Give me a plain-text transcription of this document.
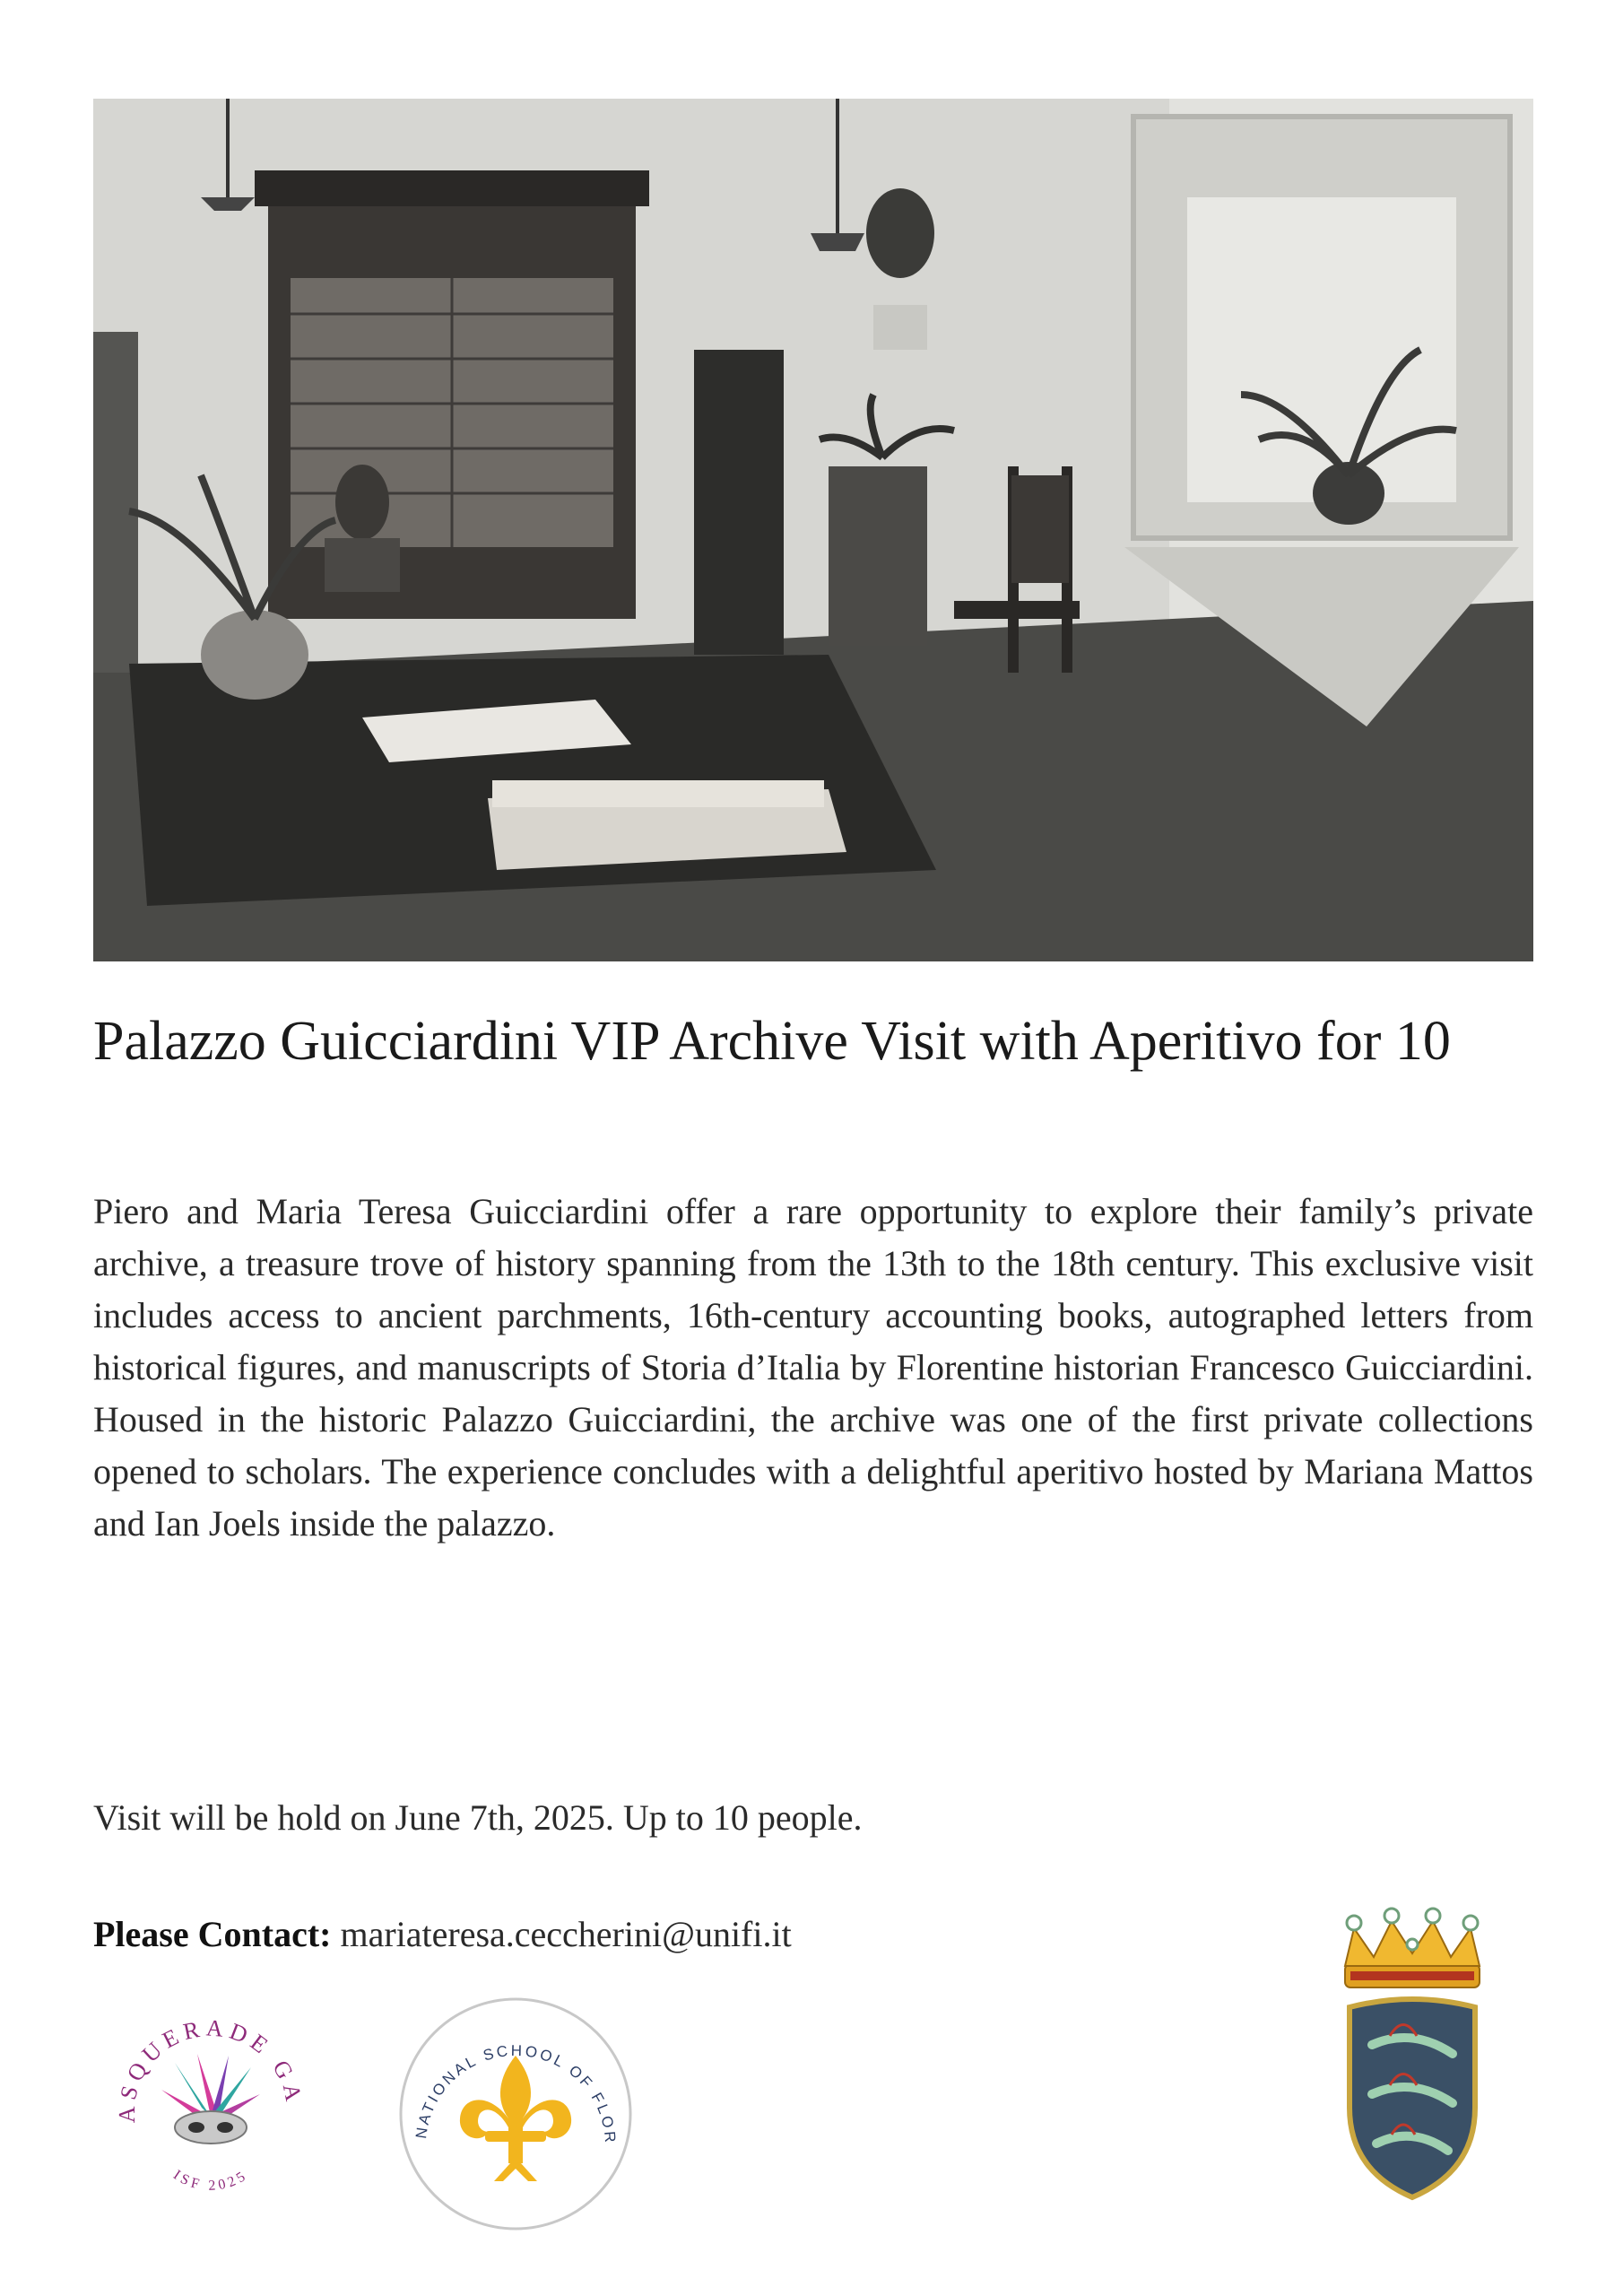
Palazzo Guicciardini VIP Archive Visit with Aperitivo for 10

Piero and Maria Teresa Guicciardini offer a rare opportunity to explore their family’s private archive, a treasure trove of history spanning from the 13th to the 18th century. This exclusive visit includes access to ancient parchments, 16th-century accounting books, autographed letters from historical figures, and manuscripts of Storia d’Italia by Florentine historian Francesco Guicciardini. Housed in the historic Palazzo Guicciardini, the archive was one of the first private collections opened to scholars. The experience concludes with a delightful aperitivo hosted by Mariana Mattos and Ian Joels inside the palazzo.

Visit will be hold on June 7th, 2025. Up to 10 people.

Please Contact: mariateresa.ceccherini@unifi.it

ASQUERADE GA
ISF 2025
NATIONAL SCHOOL OF FLOR
